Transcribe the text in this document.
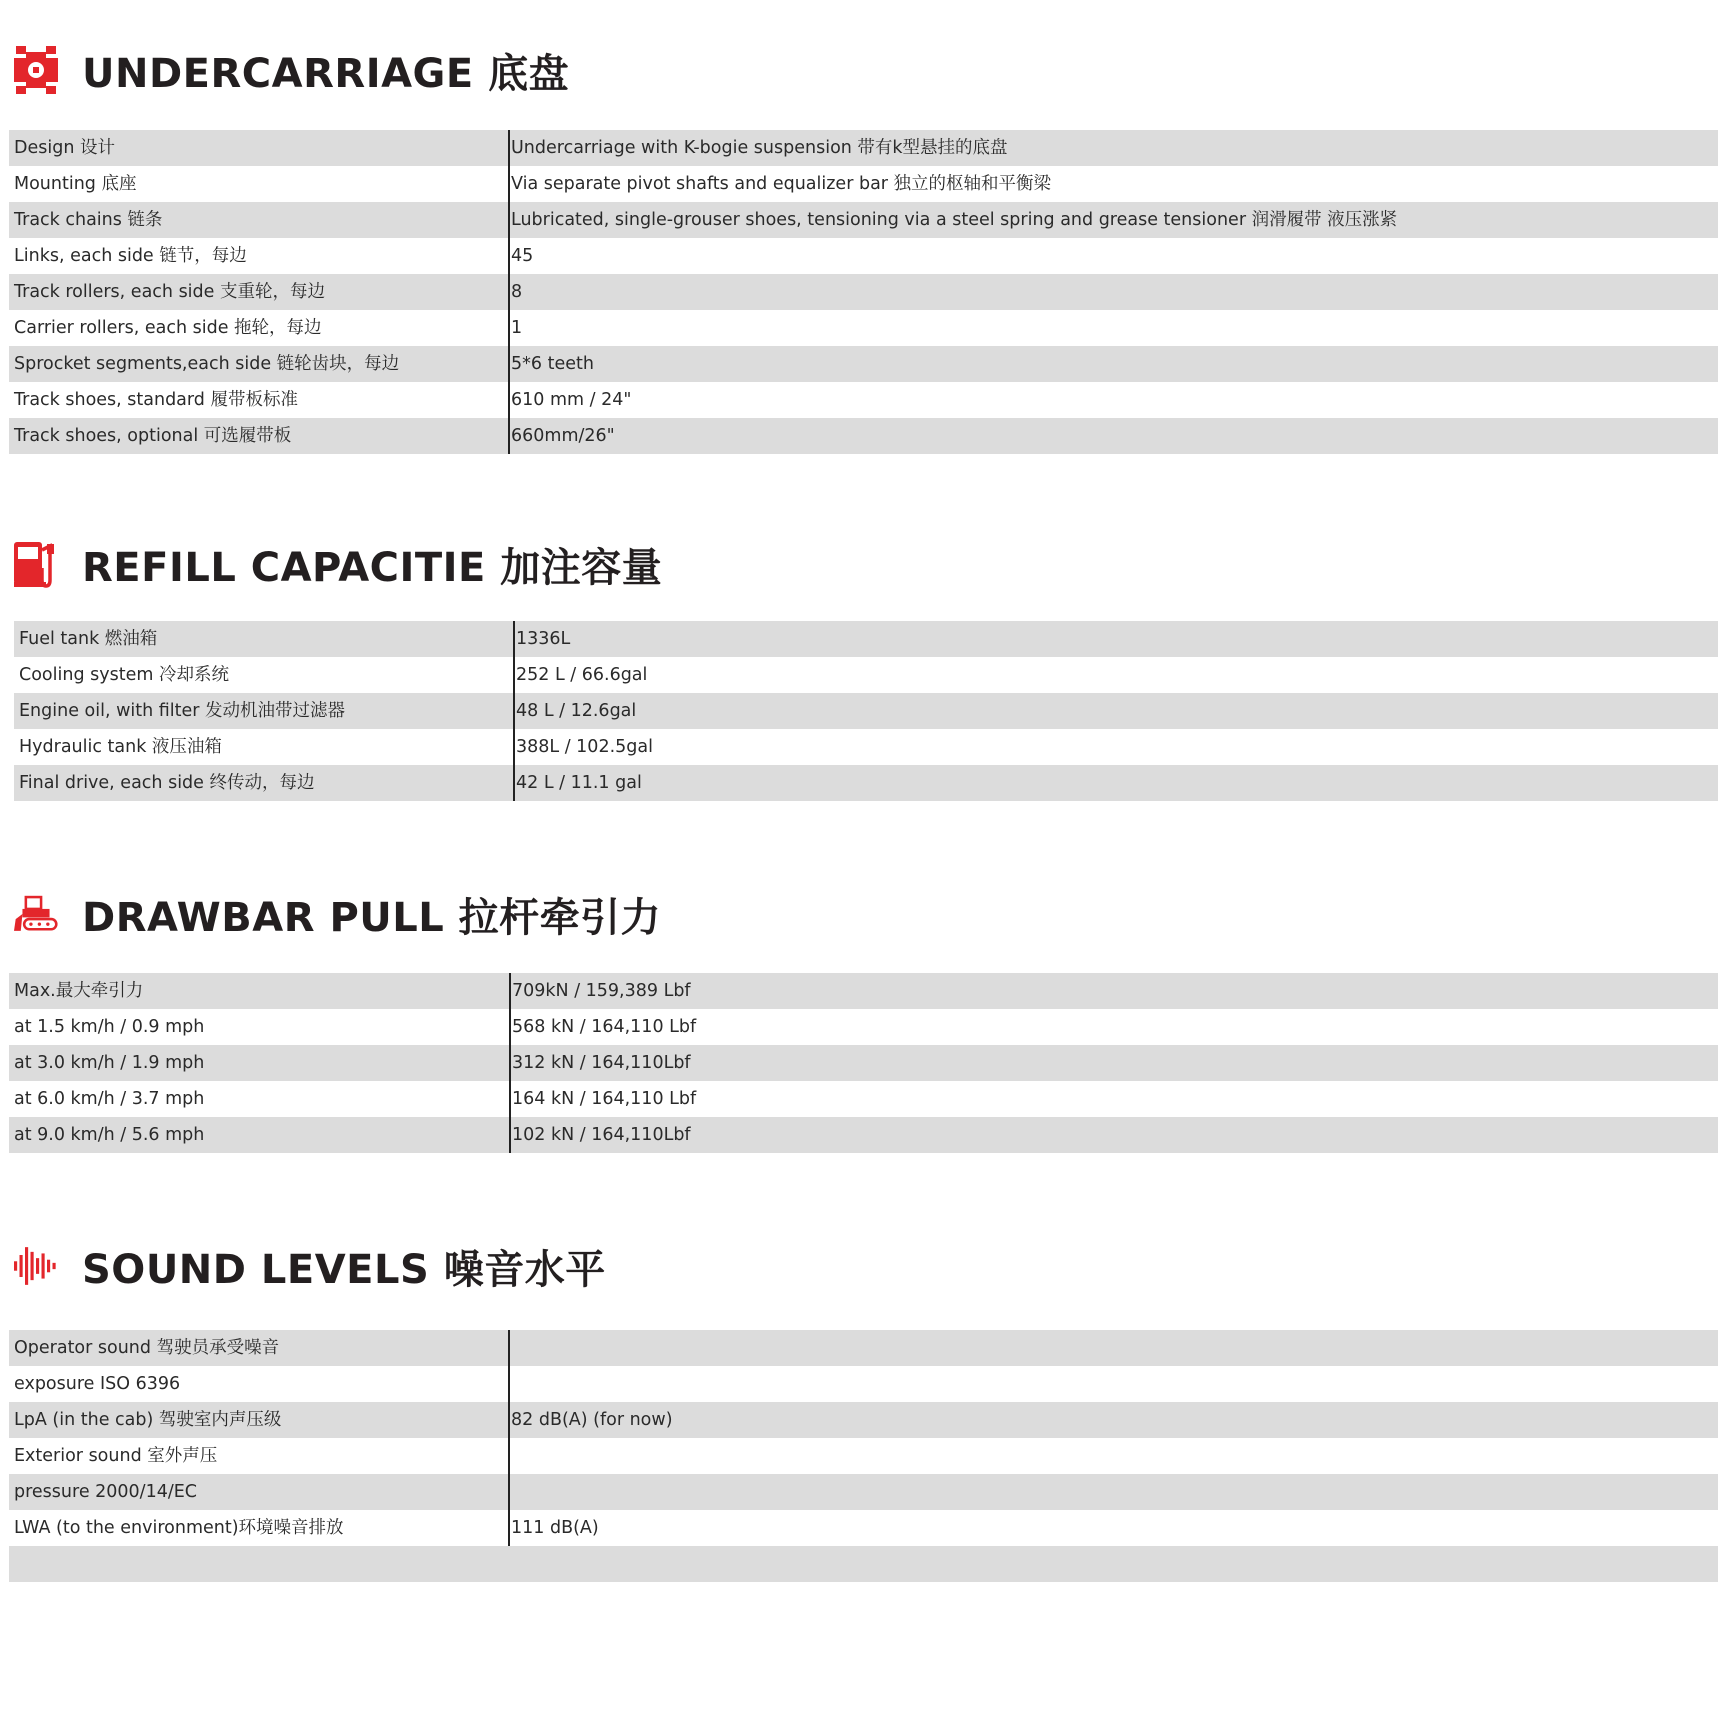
UNDERCARRIAGE 底盘
Design 设计	Undercarriage with K-bogie suspension 带有k型悬挂的底盘
Mounting 底座	Via separate pivot shafts and equalizer bar 独立的枢轴和平衡梁
Track chains 链条	Lubricated, single-grouser shoes, tensioning via a steel spring and grease tensioner 润滑履带 液压涨紧
Links, each side 链节，每边	45
Track rollers, each side 支重轮，每边	8
Carrier rollers, each side 拖轮，每边	1
Sprocket segments,each side 链轮齿块，每边	5*6 teeth
Track shoes, standard 履带板标准	610 mm / 24"
Track shoes, optional 可选履带板	660mm/26"
REFILL CAPACITIE 加注容量
Fuel tank 燃油箱	1336L
Cooling system 冷却系统	252 L / 66.6gal
Engine oil, with filter 发动机油带过滤器	48 L / 12.6gal
Hydraulic tank 液压油箱	388L / 102.5gal
Final drive, each side 终传动，每边	42 L / 11.1 gal
DRAWBAR PULL 拉杆牵引力
Max.最大牵引力	709kN / 159,389 Lbf
at 1.5 km/h / 0.9 mph	568 kN / 164,110 Lbf
at 3.0 km/h / 1.9 mph	312 kN / 164,110Lbf
at 6.0 km/h / 3.7 mph	164 kN / 164,110 Lbf
at 9.0 km/h / 5.6 mph	102 kN / 164,110Lbf
SOUND LEVELS 噪音水平
Operator sound 驾驶员承受噪音
exposure ISO 6396
LpA (in the cab) 驾驶室内声压级	82 dB(A) (for now)
Exterior sound 室外声压
pressure 2000/14/EC
LWA (to the environment)环境噪音排放	111 dB(A)
